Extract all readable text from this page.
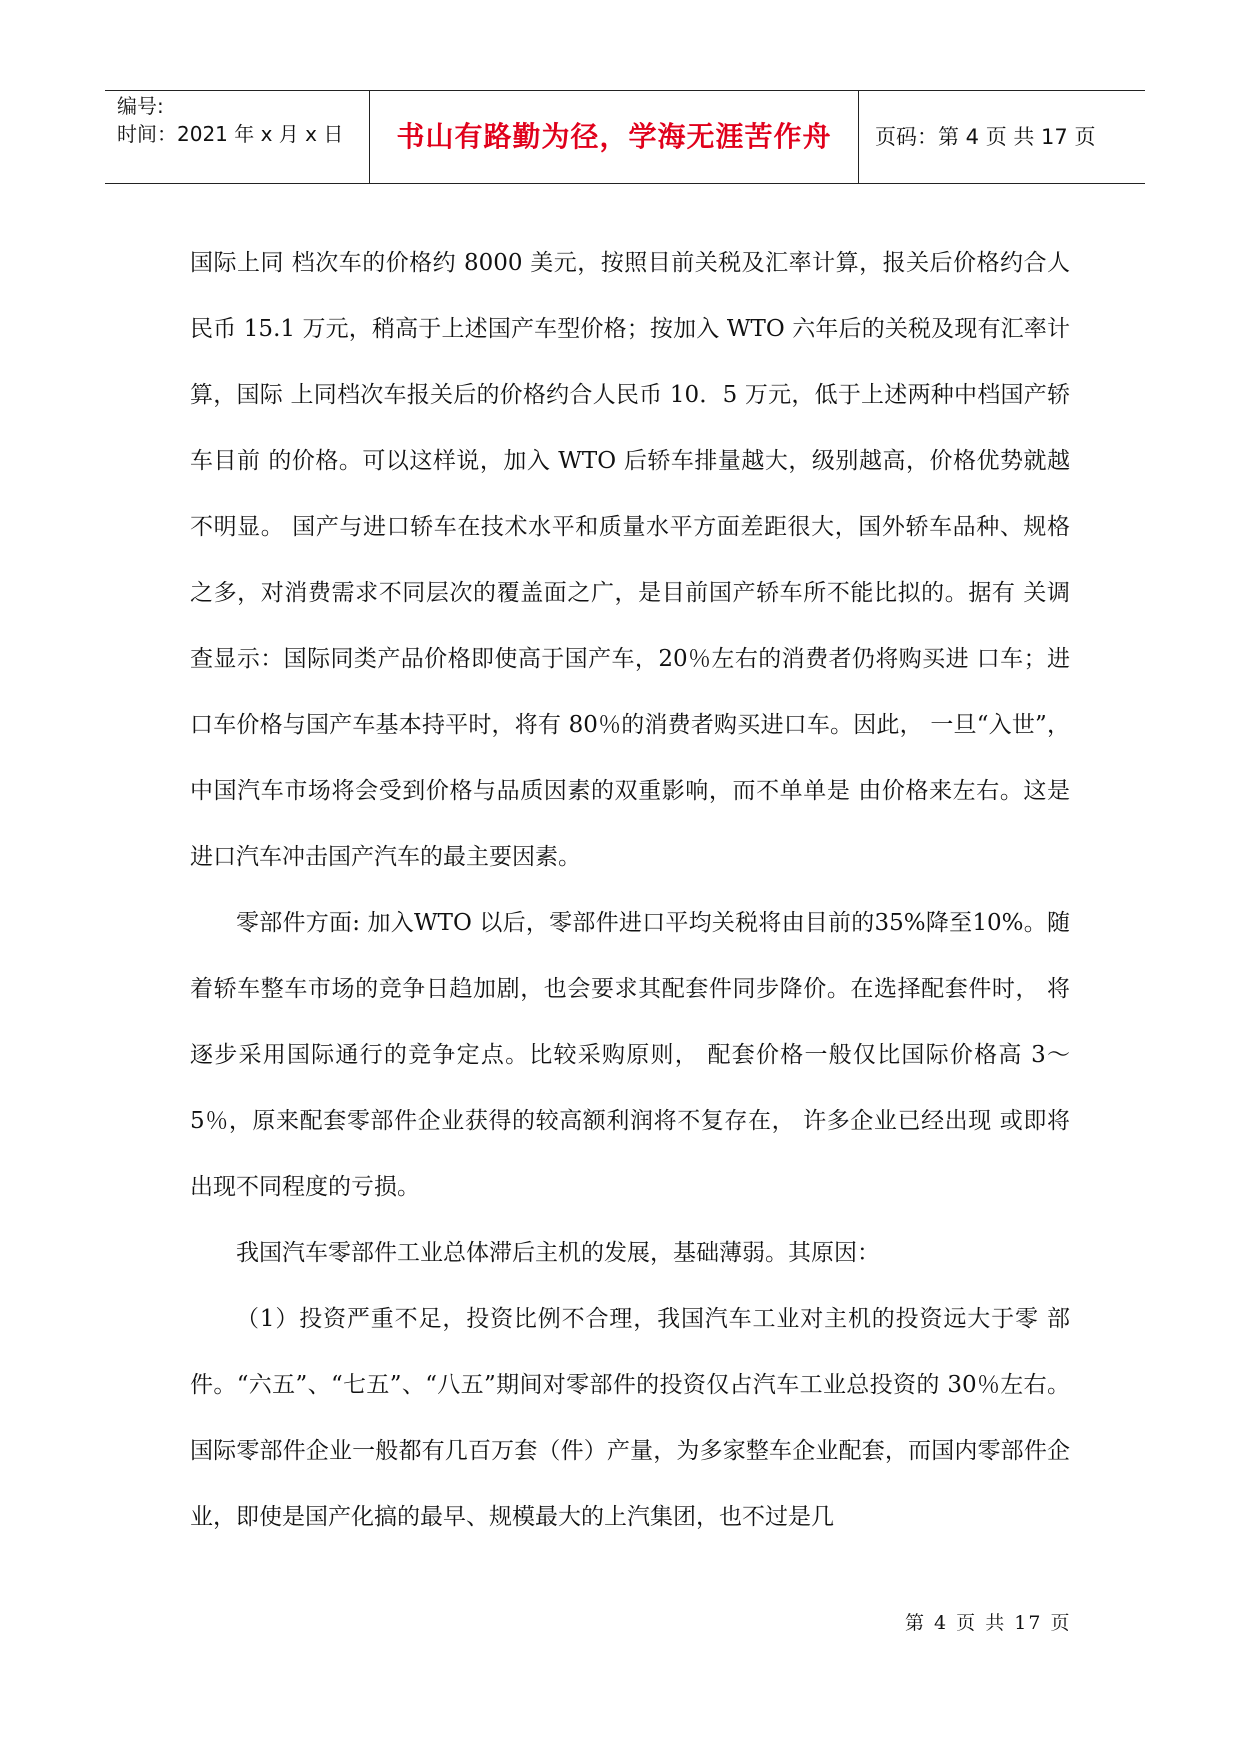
编号:
时间：2021 年 x 月 x 日	书山有路勤为径，学海无涯苦作舟	页码：第 4 页 共 17 页

国际上同 档次车的价格约 8000 美元，按照目前关税及汇率计算，报关后价格约合人民币 15.1 万元，稍高于上述国产车型价格；按加入 WTO 六年后的关税及现有汇率计算，国际 上同档次车报关后的价格约合人民币 10．5 万元，低于上述两种中档国产轿车目前 的价格。可以这样说，加入 WTO 后轿车排量越大，级别越高，价格优势就越不明显。 国产与进口轿车在技术水平和质量水平方面差距很大，国外轿车品种、规格 之多，对消费需求不同层次的覆盖面之广，是目前国产轿车所不能比拟的。据有 关调查显示：国际同类产品价格即使高于国产车，20％左右的消费者仍将购买进 口车；进口车价格与国产车基本持平时，将有 80％的消费者购买进口车。因此， 一旦“入世”，中国汽车市场将会受到价格与品质因素的双重影响，而不单单是 由价格来左右。这是进口汽车冲击国产汽车的最主要因素。

零部件方面: 加入WTO 以后，零部件进口平均关税将由目前的35%降至10%。随 着轿车整车市场的竞争日趋加剧，也会要求其配套件同步降价。在选择配套件时， 将逐步采用国际通行的竞争定点。比较采购原则， 配套价格一般仅比国际价格高 3～5％，原来配套零部件企业获得的较高额利润将不复存在， 许多企业已经出现 或即将出现不同程度的亏损。

我国汽车零部件工业总体滞后主机的发展，基础薄弱。其原因：

（1）投资严重不足，投资比例不合理，我国汽车工业对主机的投资远大于零 部件。“六五”、“七五”、“八五”期间对零部件的投资仅占汽车工业总投资的 30％左右。国际零部件企业一般都有几百万套（件）产量，为多家整车企业配套，而国内零部件企业，即使是国产化搞的最早、规模最大的上汽集团，也不过是几

第 4 页 共 17 页
